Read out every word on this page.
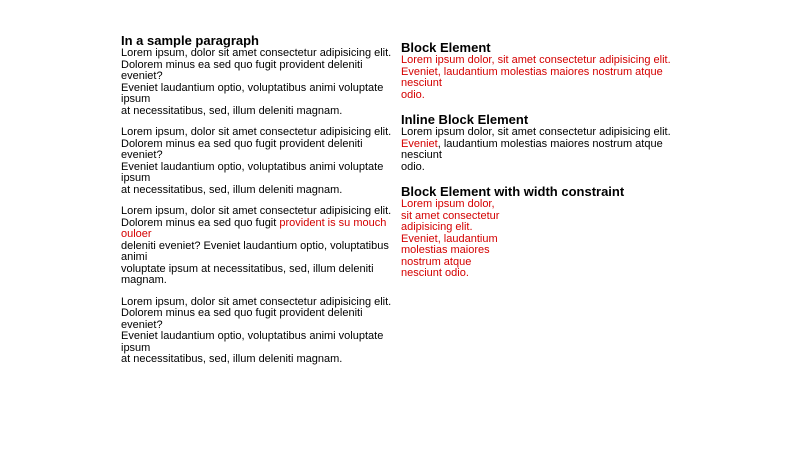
In a sample paragraph

Lorem ipsum, dolor sit amet consectetur adipisicing elit.
Dolorem minus ea sed quo fugit provident deleniti eveniet?
Eveniet laudantium optio, voluptatibus animi voluptate ipsum
at necessitatibus, sed, illum deleniti magnam.

Lorem ipsum, dolor sit amet consectetur adipisicing elit.
Dolorem minus ea sed quo fugit provident deleniti eveniet?
Eveniet laudantium optio, voluptatibus animi voluptate ipsum
at necessitatibus, sed, illum deleniti magnam.

Lorem ipsum, dolor sit amet consectetur adipisicing elit.
Dolorem minus ea sed quo fugit provident is su mouch ouloer
deleniti eveniet? Eveniet laudantium optio, voluptatibus animi
voluptate ipsum at necessitatibus, sed, illum deleniti magnam.

Lorem ipsum, dolor sit amet consectetur adipisicing elit.
Dolorem minus ea sed quo fugit provident deleniti eveniet?
Eveniet laudantium optio, voluptatibus animi voluptate ipsum
at necessitatibus, sed, illum deleniti magnam.

Block Element

Lorem ipsum dolor, sit amet consectetur adipisicing elit.
Eveniet, laudantium molestias maiores nostrum atque nesciunt
odio.

Inline Block Element

Lorem ipsum dolor, sit amet consectetur adipisicing elit.
Eveniet, laudantium molestias maiores nostrum atque nesciunt
odio.

Block Element with width constraint

Lorem ipsum dolor,
sit amet consectetur
adipisicing elit.
Eveniet, laudantium
molestias maiores
nostrum atque
nesciunt odio.
